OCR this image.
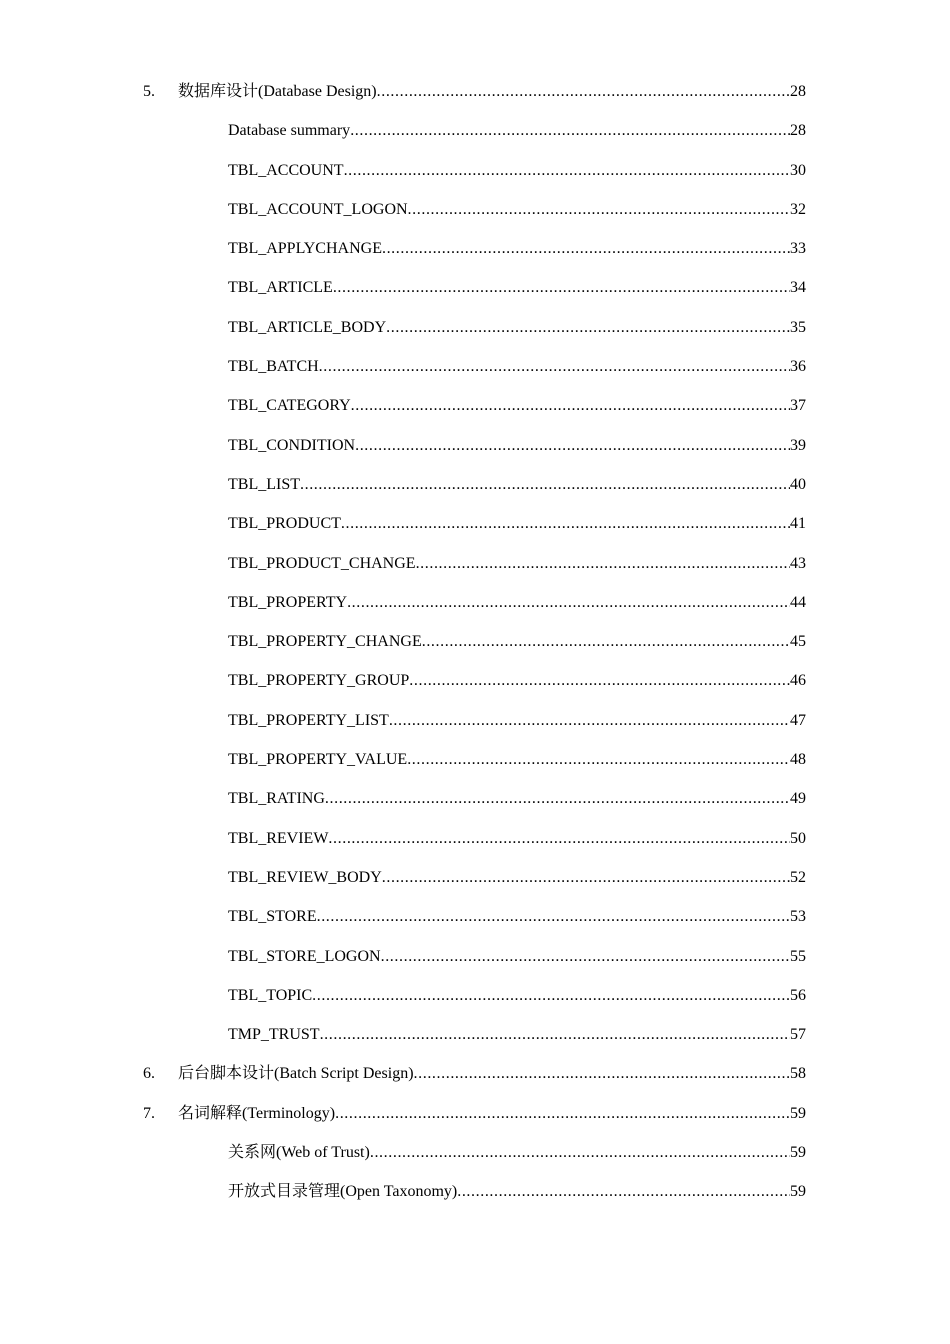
5. 数据库设计(Database Design) .....	28
Database summary .....	28
TBL_ACCOUNT .....	30
TBL_ACCOUNT_LOGON .....	32
TBL_APPLYCHANGE .....	33
TBL_ARTICLE .....	34
TBL_ARTICLE_BODY .....	35
TBL_BATCH .....	36
TBL_CATEGORY .....	37
TBL_CONDITION .....	39
TBL_LIST .....	40
TBL_PRODUCT .....	41
TBL_PRODUCT_CHANGE .....	43
TBL_PROPERTY .....	44
TBL_PROPERTY_CHANGE .....	45
TBL_PROPERTY_GROUP .....	46
TBL_PROPERTY_LIST .....	47
TBL_PROPERTY_VALUE .....	48
TBL_RATING .....	49
TBL_REVIEW .....	50
TBL_REVIEW_BODY .....	52
TBL_STORE .....	53
TBL_STORE_LOGON .....	55
TBL_TOPIC .....	56
TMP_TRUST .....	57
6. 后台脚本设计(Batch Script Design) .....	58
7. 名词解释(Terminology) .....	59
关系网(Web of Trust) .....	59
开放式目录管理(Open Taxonomy) .....	59
